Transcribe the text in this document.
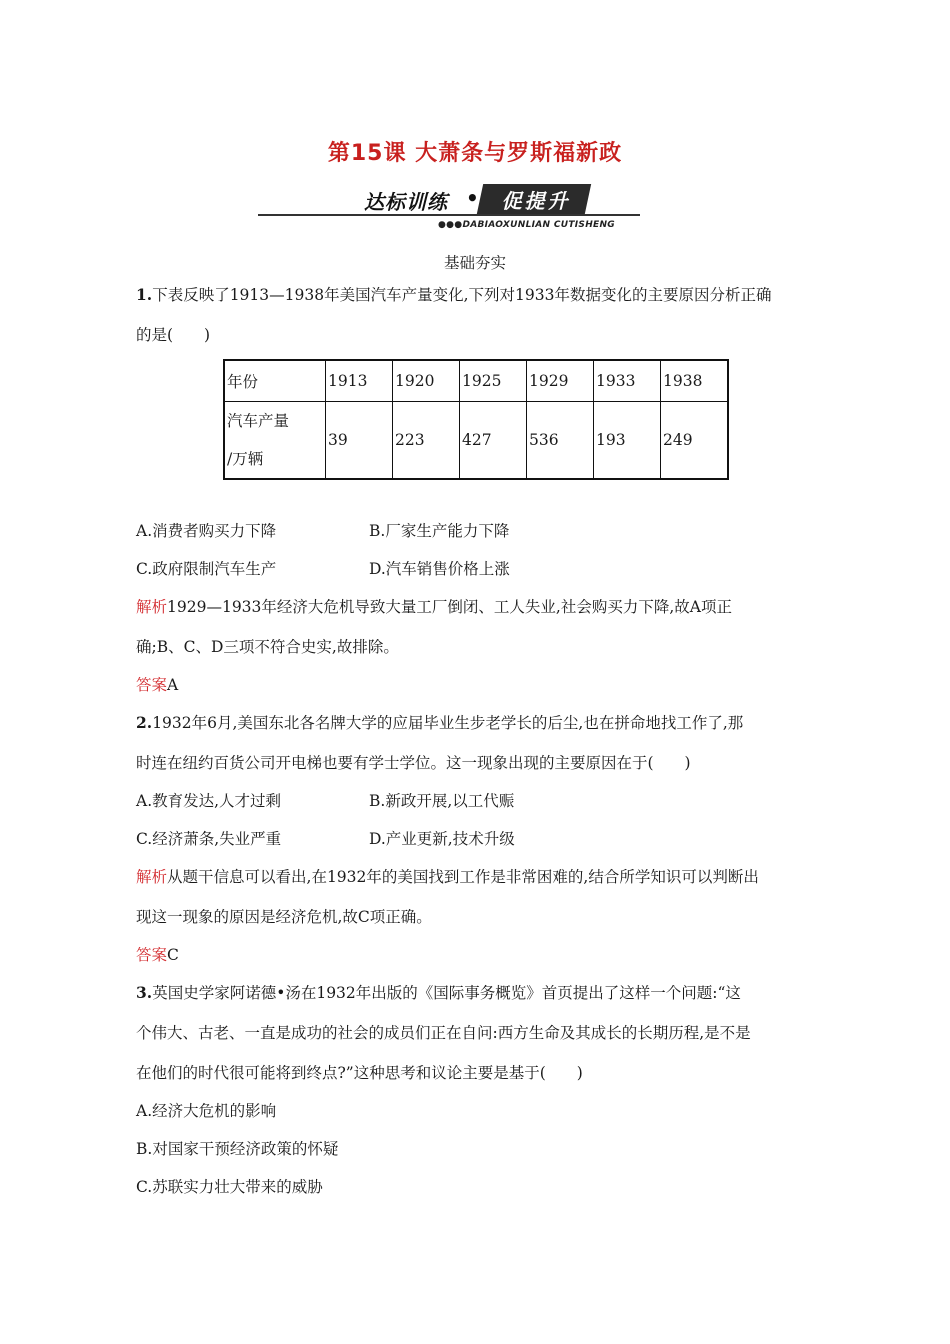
第15课 大萧条与罗斯福新政
达标训练 •	促提升
●●●DABIAOXUNLIAN CUTISHENG
基础夯实
1.下表反映了1913—1938年美国汽车产量变化,下列对1933年数据变化的主要原因分析正确
的是(　　)
年份	1913	1920	1925	1929	1933	1938
汽车产量
/万辆	39	223	427	536	193	249
A.消费者购买力下降	B.厂家生产能力下降
C.政府限制汽车生产	D.汽车销售价格上涨
解析1929—1933年经济大危机导致大量工厂倒闭、工人失业,社会购买力下降,故A项正
确;B、C、D三项不符合史实,故排除。
答案A
2.1932年6月,美国东北各名牌大学的应届毕业生步老学长的后尘,也在拼命地找工作了,那
时连在纽约百货公司开电梯也要有学士学位。这一现象出现的主要原因在于(　　)
A.教育发达,人才过剩	B.新政开展,以工代赈
C.经济萧条,失业严重	D.产业更新,技术升级
解析从题干信息可以看出,在1932年的美国找到工作是非常困难的,结合所学知识可以判断出
现这一现象的原因是经济危机,故C项正确。
答案C
3.英国史学家阿诺德•汤在1932年出版的《国际事务概览》首页提出了这样一个问题:“这
个伟大、古老、一直是成功的社会的成员们正在自问:西方生命及其成长的长期历程,是不是
在他们的时代很可能将到终点?”这种思考和议论主要是基于(　　)
A.经济大危机的影响
B.对国家干预经济政策的怀疑
C.苏联实力壮大带来的威胁
